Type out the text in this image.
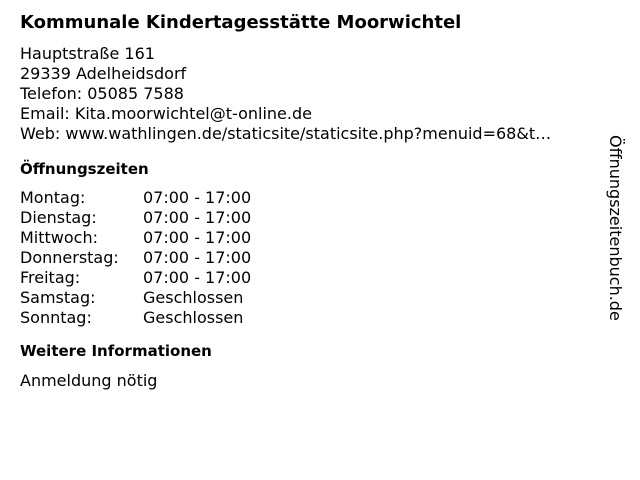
Kommunale Kindertagesstätte Moorwichtel
Hauptstraße 161
29339 Adelheidsdorf
Telefon: 05085 7588
Email: Kita.moorwichtel@t-online.de
Web: www.wathlingen.de/staticsite/staticsite.php?menuid=68&t…
Öffnungszeiten
Montag:	07:00 - 17:00
Dienstag:	07:00 - 17:00
Mittwoch:	07:00 - 17:00
Donnerstag:	07:00 - 17:00
Freitag:	07:00 - 17:00
Samstag:	Geschlossen
Sonntag:	Geschlossen
Weitere Informationen
Anmeldung nötig
Öffnungszeitenbuch.de
